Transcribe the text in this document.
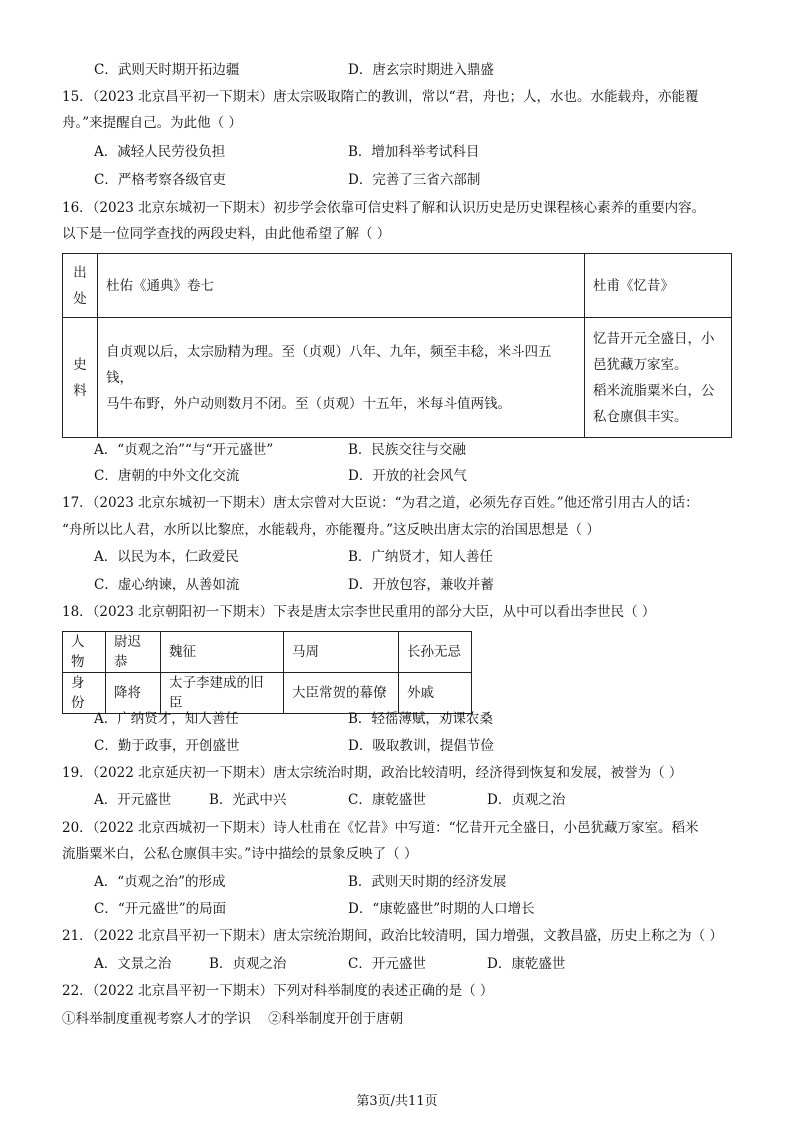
C．武则天时期开拓边疆	D．唐玄宗时期进入鼎盛
15．（2023 北京昌平初一下期末）唐太宗吸取隋亡的教训，常以“君，舟也；人，水也。水能载舟，亦能覆
舟。”来提醒自己。为此他（ ）
A．减轻人民劳役负担	B．增加科举考试科目
C．严格考察各级官吏	D．完善了三省六部制
16．（2023 北京东城初一下期末）初步学会依靠可信史料了解和认识历史是历史课程核心素养的重要内容。
以下是一位同学查找的两段史料，由此他希望了解（ ）
出处	杜佑《通典》卷七	杜甫《忆昔》
史料	自贞观以后，太宗励精为理。至（贞观）八年、九年，频至丰稔，米斗四五钱，
马牛布野，外户动则数月不闭。至（贞观）十五年，米每斗值两钱。	忆昔开元全盛日，小
邑犹藏万家室。
稻米流脂粟米白，公
私仓廪俱丰实。
A．“贞观之治”“与“开元盛世”	B．民族交往与交融
C．唐朝的中外文化交流	D．开放的社会风气
17．（2023 北京东城初一下期末）唐太宗曾对大臣说：“为君之道，必须先存百姓。”他还常引用古人的话：
“舟所以比人君，水所以比黎庶，水能载舟，亦能覆舟。”这反映出唐太宗的治国思想是（ ）
A．以民为本，仁政爱民	B．广纳贤才，知人善任
C．虚心纳谏，从善如流	D．开放包容，兼收并蓄
18．（2023 北京朝阳初一下期末）下表是唐太宗李世民重用的部分大臣，从中可以看出李世民（ ）
人物	尉迟恭	魏征	马周	长孙无忌
身份	降将	太子李建成的旧臣	大臣常贺的幕僚	外戚
A．广纳贤才，知人善任	B．轻徭薄赋，劝课农桑
C．勤于政事，开创盛世	D．吸取教训，提倡节俭
19．（2022 北京延庆初一下期末）唐太宗统治时期，政治比较清明，经济得到恢复和发展，被誉为（ ）
A．开元盛世	B．光武中兴	C．康乾盛世	D．贞观之治
20．（2022 北京西城初一下期末）诗人杜甫在《忆昔》中写道：“忆昔开元全盛日，小邑犹藏万家室。稻米
流脂粟米白，公私仓廪俱丰实。”诗中描绘的景象反映了（ ）
A．“贞观之治”的形成	B．武则天时期的经济发展
C．“开元盛世”的局面	D．“康乾盛世”时期的人口增长
21．（2022 北京昌平初一下期末）唐太宗统治期间，政治比较清明，国力增强，文教昌盛，历史上称之为（ ）
A．文景之治	B．贞观之治	C．开元盛世	D．康乾盛世
22．（2022 北京昌平初一下期末）下列对科举制度的表述正确的是（ ）
①科举制度重视考察人才的学识    ②科举制度开创于唐朝
第3页/共11页
